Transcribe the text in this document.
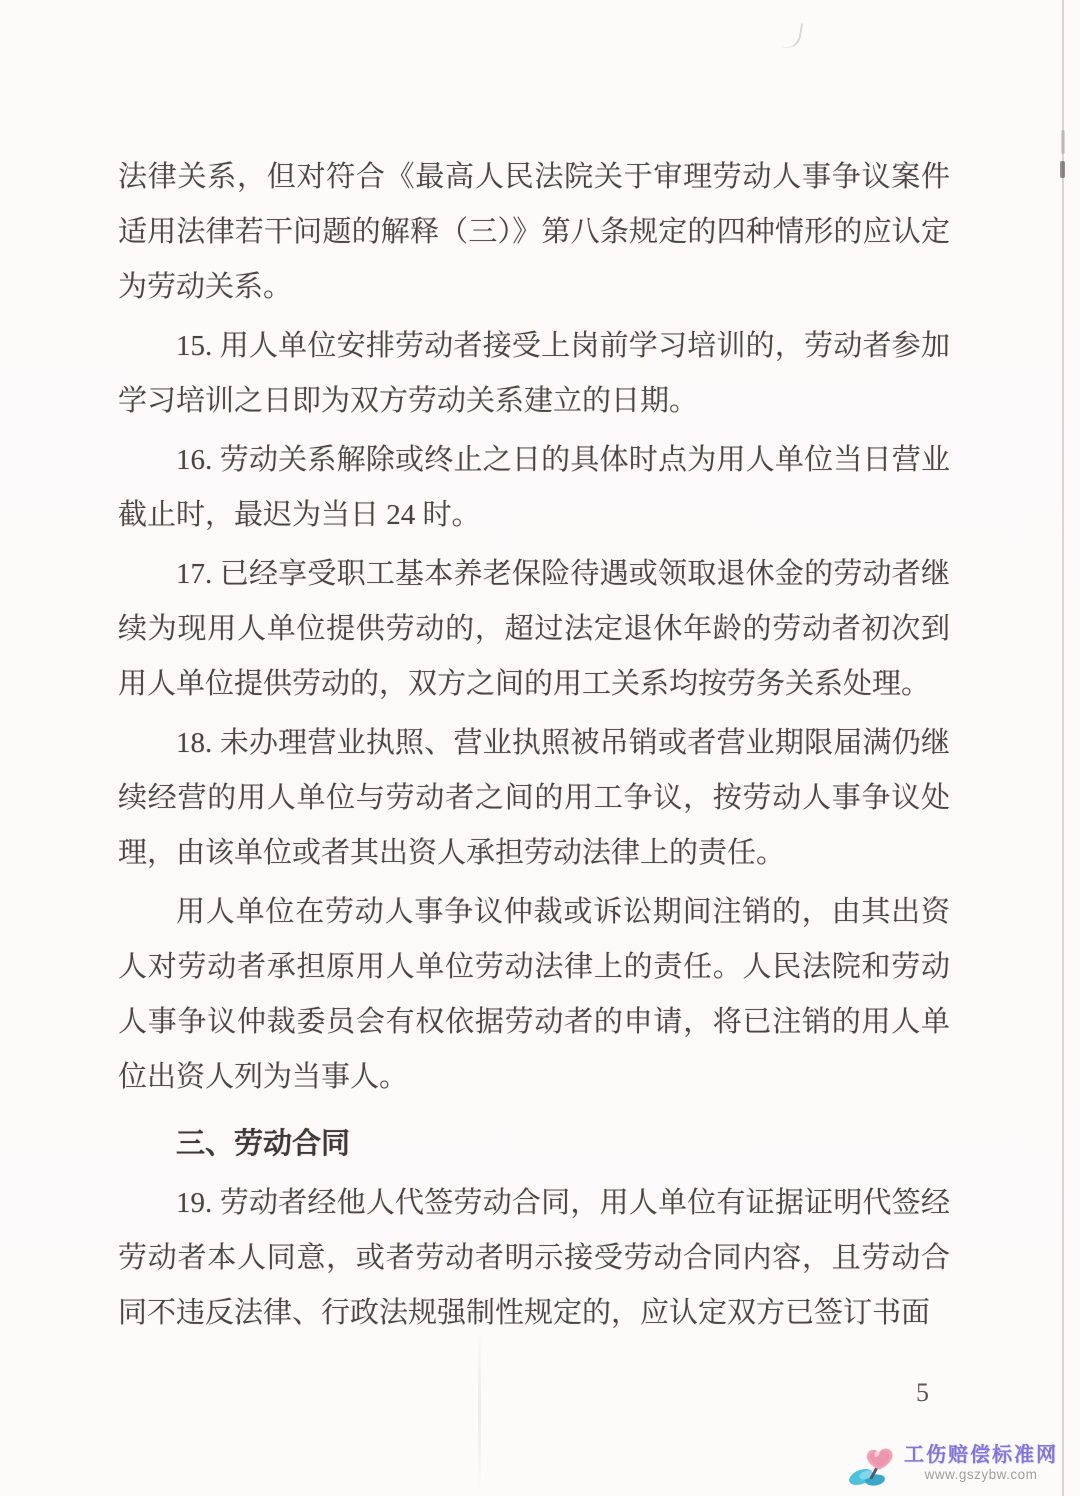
法律关系，但对符合《最高人民法院关于审理劳动人事争议案件适用法律若干问题的解释（三）》第八条规定的四种情形的应认定为劳动关系。

15. 用人单位安排劳动者接受上岗前学习培训的，劳动者参加学习培训之日即为双方劳动关系建立的日期。

16. 劳动关系解除或终止之日的具体时点为用人单位当日营业截止时，最迟为当日 24 时。

17. 已经享受职工基本养老保险待遇或领取退休金的劳动者继续为现用人单位提供劳动的，超过法定退休年龄的劳动者初次到用人单位提供劳动的，双方之间的用工关系均按劳务关系处理。

18. 未办理营业执照、营业执照被吊销或者营业期限届满仍继续经营的用人单位与劳动者之间的用工争议，按劳动人事争议处理，由该单位或者其出资人承担劳动法律上的责任。

用人单位在劳动人事争议仲裁或诉讼期间注销的，由其出资人对劳动者承担原用人单位劳动法律上的责任。人民法院和劳动人事争议仲裁委员会有权依据劳动者的申请，将已注销的用人单位出资人列为当事人。

三、劳动合同

19. 劳动者经他人代签劳动合同，用人单位有证据证明代签经劳动者本人同意，或者劳动者明示接受劳动合同内容，且劳动合同不违反法律、行政法规强制性规定的，应认定双方已签订书面

5
工伤赔偿标准网
www.gszybw.com
